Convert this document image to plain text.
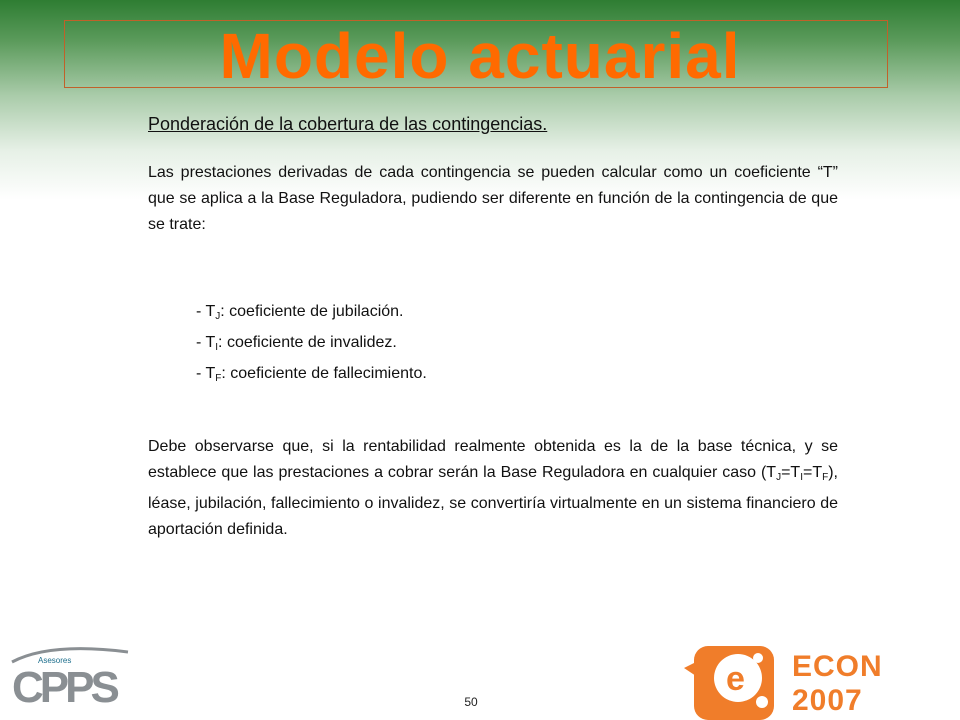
Modelo actuarial
Ponderación de la cobertura de las contingencias.
Las prestaciones derivadas de cada contingencia se pueden calcular como un coeficiente “T” que se aplica a la Base Reguladora, pudiendo ser diferente en función de la contingencia de que se trate:
- $T_J$: coeficiente de jubilación.
- $T_I$: coeficiente de invalidez.
- $T_F$: coeficiente de fallecimiento.
Debe observarse que, si la rentabilidad realmente obtenida es la de la base técnica, y se establece que las prestaciones a cobrar serán la Base Reguladora en cualquier caso $(T_J=T_I=T_F)$, léase, jubilación, fallecimiento o invalidez, se convertiría virtualmente en un sistema financiero de aportación definida.
50
CPPS
Asesores	e ECON 2007
